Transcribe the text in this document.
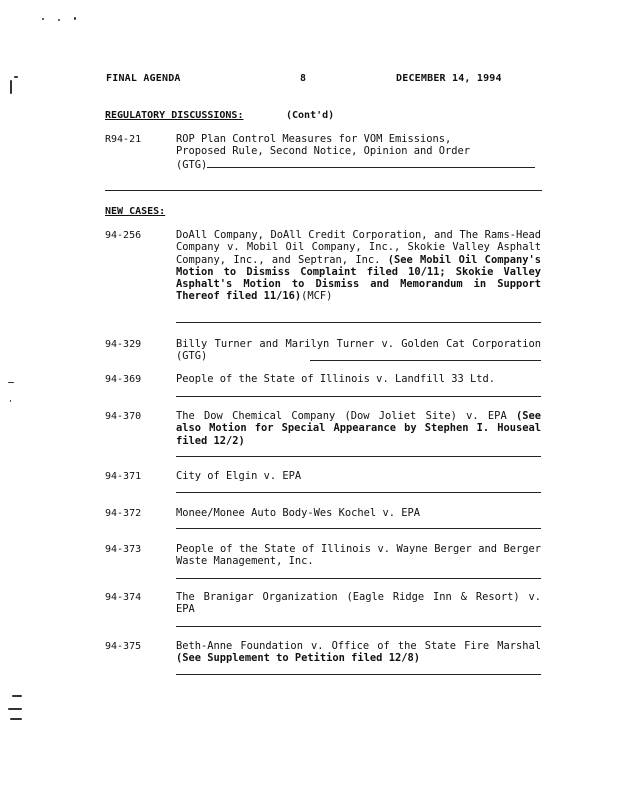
FINAL AGENDA	8	DECEMBER 14, 1994
REGULATORY DISCUSSIONS:	(Cont'd)
R94-21	ROP Plan Control Measures for VOM Emissions,
Proposed Rule, Second Notice, Opinion and Order
(GTG)
NEW CASES:
94-256	DoAll Company, DoAll Credit Corporation, and The Rams-Head Company v. Mobil Oil Company, Inc., Skokie Valley Asphalt Company, Inc., and Septran, Inc. (See Mobil Oil Company's Motion to Dismiss Complaint filed 10/11; Skokie Valley Asphalt's Motion to Dismiss and Memorandum in Support Thereof filed 11/16)(MCF)
94-329	Billy Turner and Marilyn Turner v. Golden Cat Corporation (GTG)
94-369	People of the State of Illinois v. Landfill 33 Ltd.
94-370	The Dow Chemical Company (Dow Joliet Site) v. EPA (See also Motion for Special Appearance by Stephen I. Houseal filed 12/2)
94-371	City of Elgin v. EPA
94-372	Monee/Monee Auto Body-Wes Kochel v. EPA
94-373	People of the State of Illinois v. Wayne Berger and Berger Waste Management, Inc.
94-374	The Branigar Organization (Eagle Ridge Inn & Resort) v. EPA
94-375	Beth-Anne Foundation v. Office of the State Fire Marshal (See Supplement to Petition filed 12/8)
